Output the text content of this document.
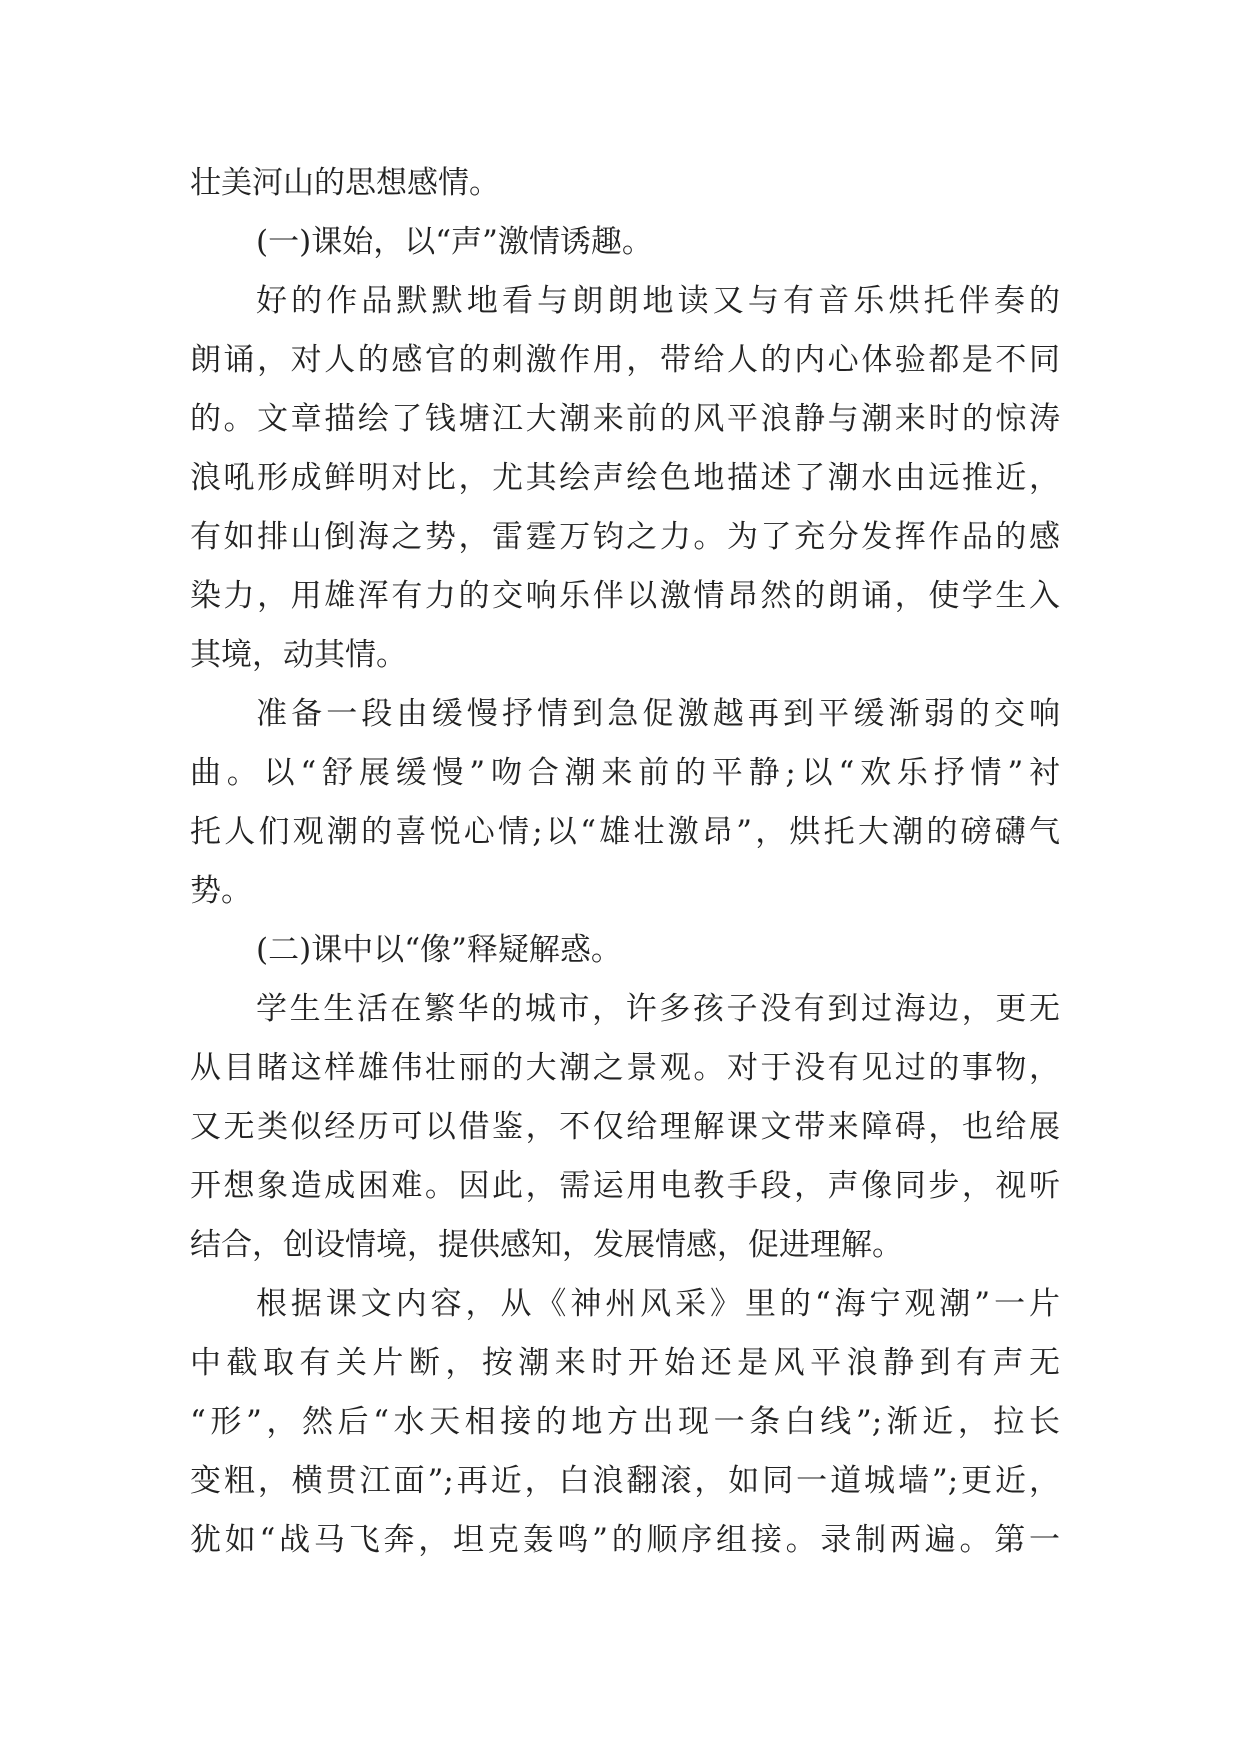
壮美河山的思想感情。
(一)课始，以“声”激情诱趣。
好的作品默默地看与朗朗地读又与有音乐烘托伴奏的
朗诵，对人的感官的刺激作用，带给人的内心体验都是不同
的。文章描绘了钱塘江大潮来前的风平浪静与潮来时的惊涛
浪吼形成鲜明对比，尤其绘声绘色地描述了潮水由远推近，
有如排山倒海之势，雷霆万钧之力。为了充分发挥作品的感
染力，用雄浑有力的交响乐伴以激情昂然的朗诵，使学生入
其境，动其情。
准备一段由缓慢抒情到急促激越再到平缓渐弱的交响
曲。以“舒展缓慢”吻合潮来前的平静;以“欢乐抒情”衬
托人们观潮的喜悦心情;以“雄壮激昂”，烘托大潮的磅礴气
势。
(二)课中以“像”释疑解惑。
学生生活在繁华的城市，许多孩子没有到过海边，更无
从目睹这样雄伟壮丽的大潮之景观。对于没有见过的事物，
又无类似经历可以借鉴，不仅给理解课文带来障碍，也给展
开想象造成困难。因此，需运用电教手段，声像同步，视听
结合，创设情境，提供感知，发展情感，促进理解。
根据课文内容，从《神州风采》里的“海宁观潮”一片
中截取有关片断，按潮来时开始还是风平浪静到有声无
“形”，然后“水天相接的地方出现一条白线”;渐近，拉长
变粗，横贯江面”;再近，白浪翻滚，如同一道城墙”;更近，
犹如“战马飞奔，坦克轰鸣”的顺序组接。录制两遍。第一
